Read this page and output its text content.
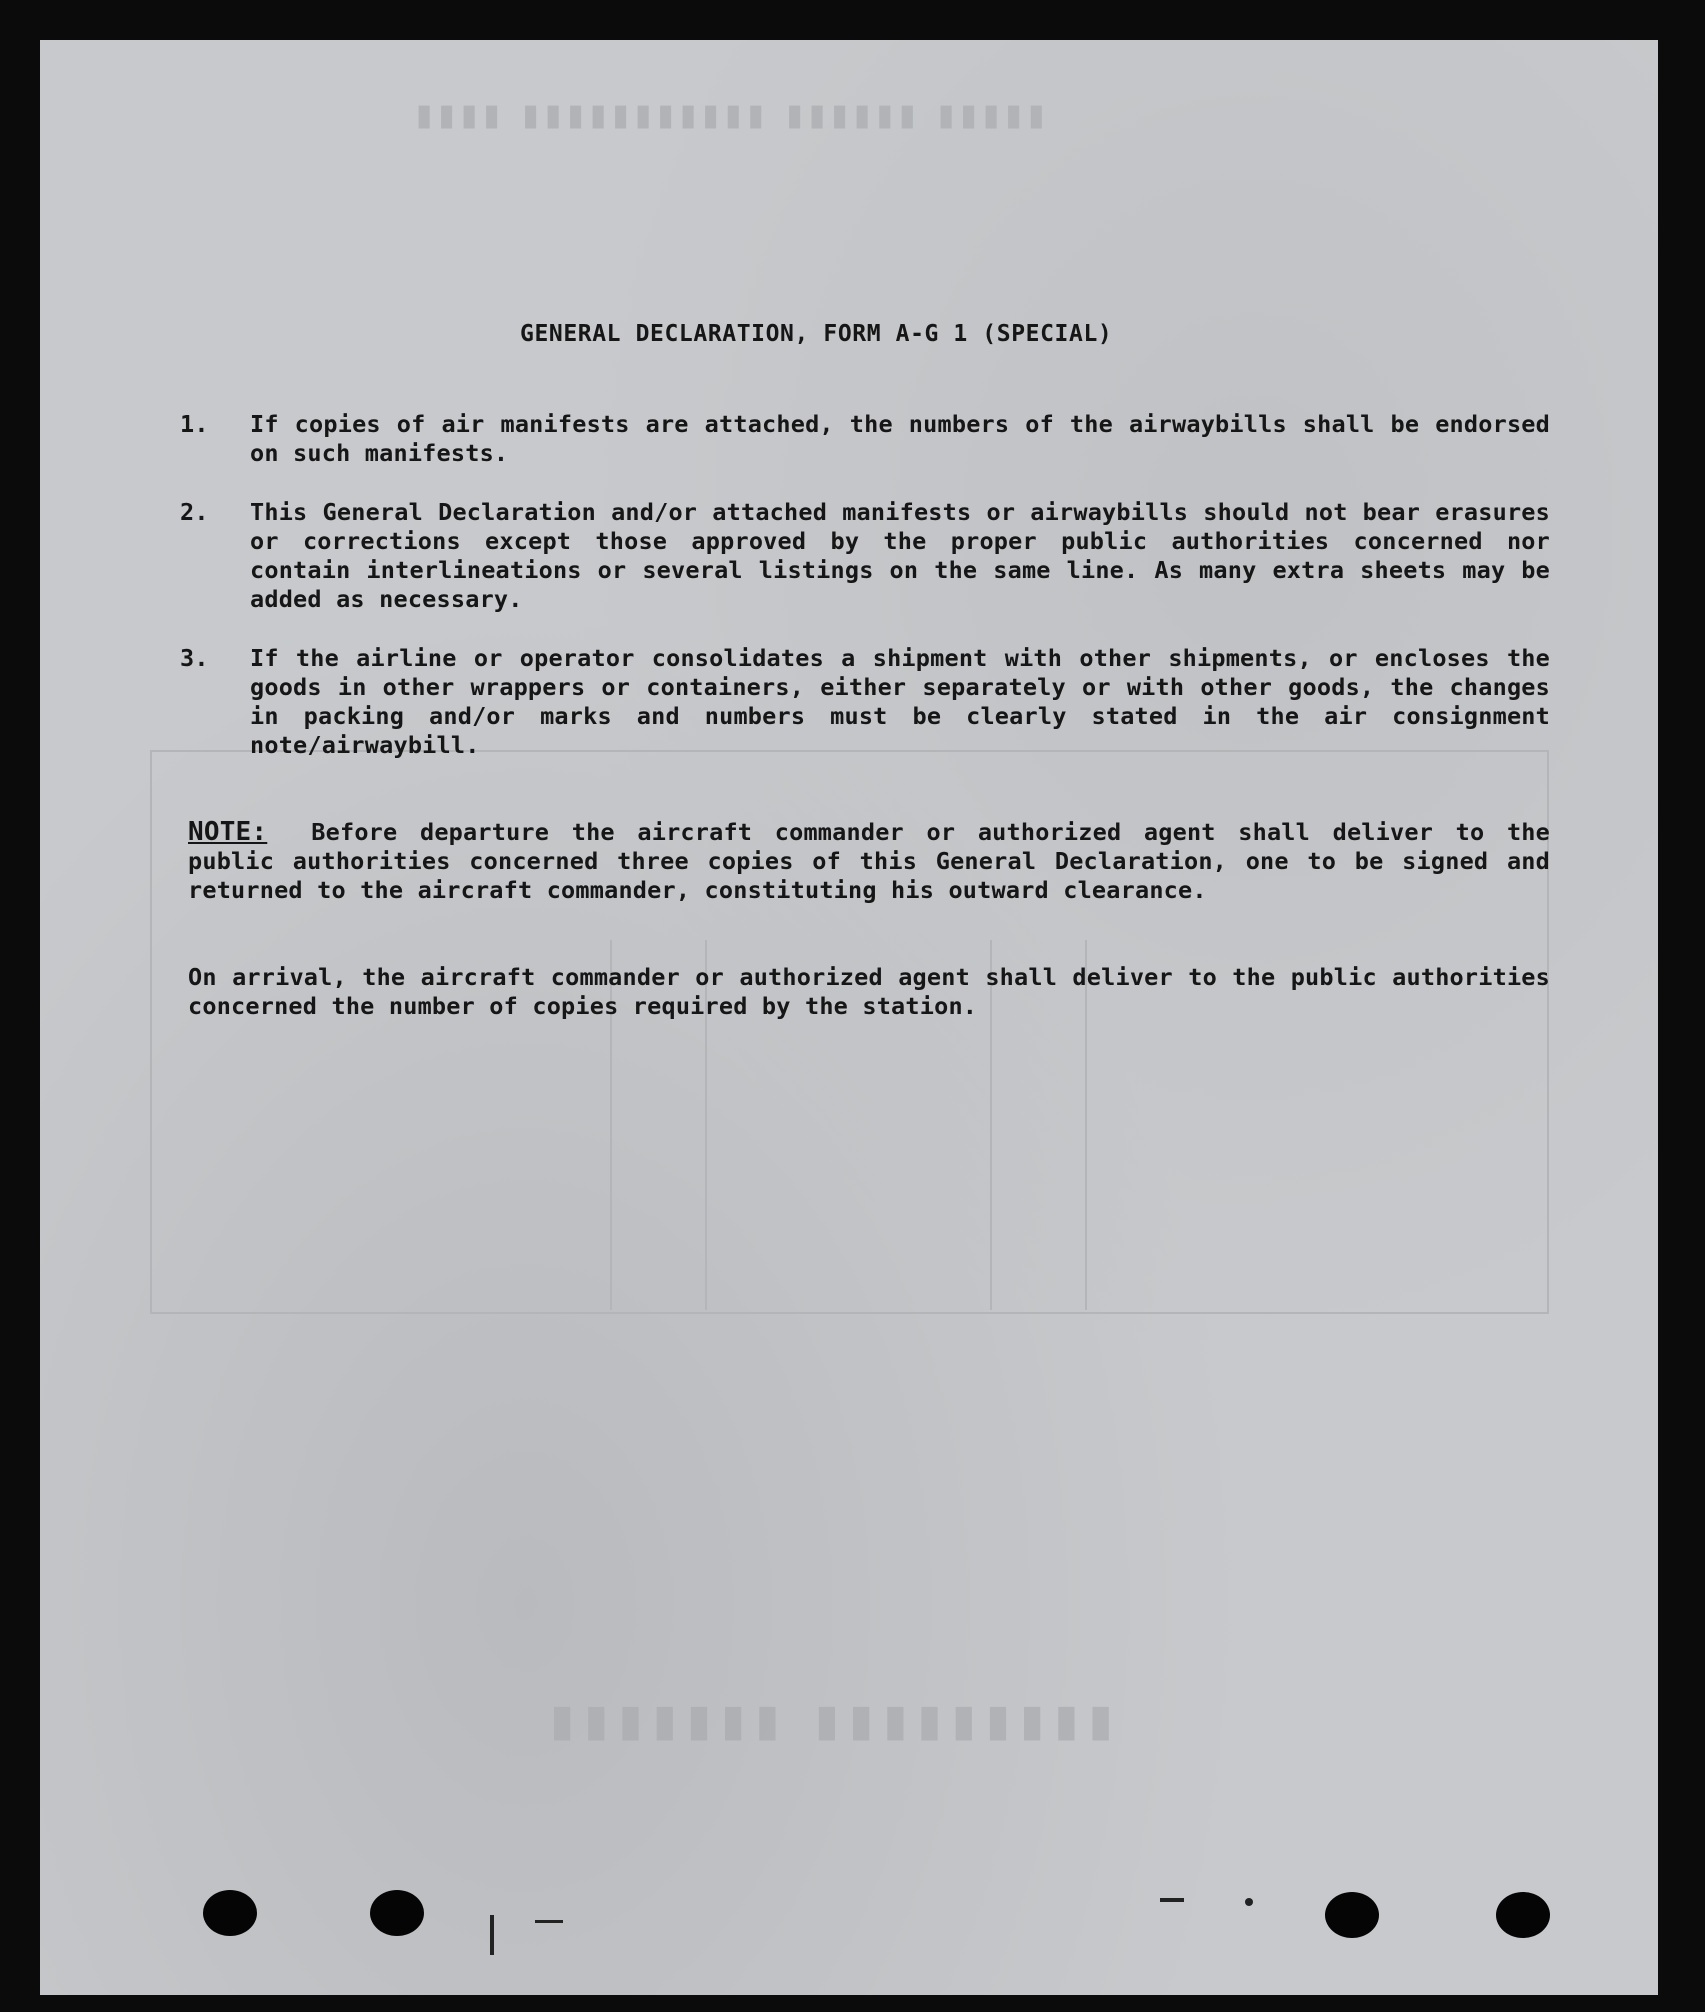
▮▮▮▮▮ ▮▮▮▮▮▮ ▮▮▮▮▮▮▮▮▮▮▮ ▮▮▮▮
▮▮▮▮▮▮▮▮▮ ▮▮▮▮▮▮▮
GENERAL DECLARATION, FORM A-G 1 (SPECIAL)
1.	If copies of air manifests are attached, the numbers of the airwaybills shall be endorsed on such manifests.
2.	This General Declaration and/or attached manifests or airwaybills should not bear erasures or corrections except those approved by the proper public authorities concerned nor contain interlineations or several listings on the same line. As many extra sheets may be added as necessary.
3.	If the airline or operator consolidates a shipment with other shipments, or encloses the goods in other wrappers or containers, either separately or with other goods, the changes in packing and/or marks and numbers must be clearly stated in the air consignment note/airwaybill.
NOTE: Before departure the aircraft commander or authorized agent shall deliver to the public authorities concerned three copies of this General Declaration, one to be signed and returned to the aircraft commander, constituting his outward clearance.
On arrival, the aircraft commander or authorized agent shall deliver to the public authorities concerned the number of copies required by the station.
